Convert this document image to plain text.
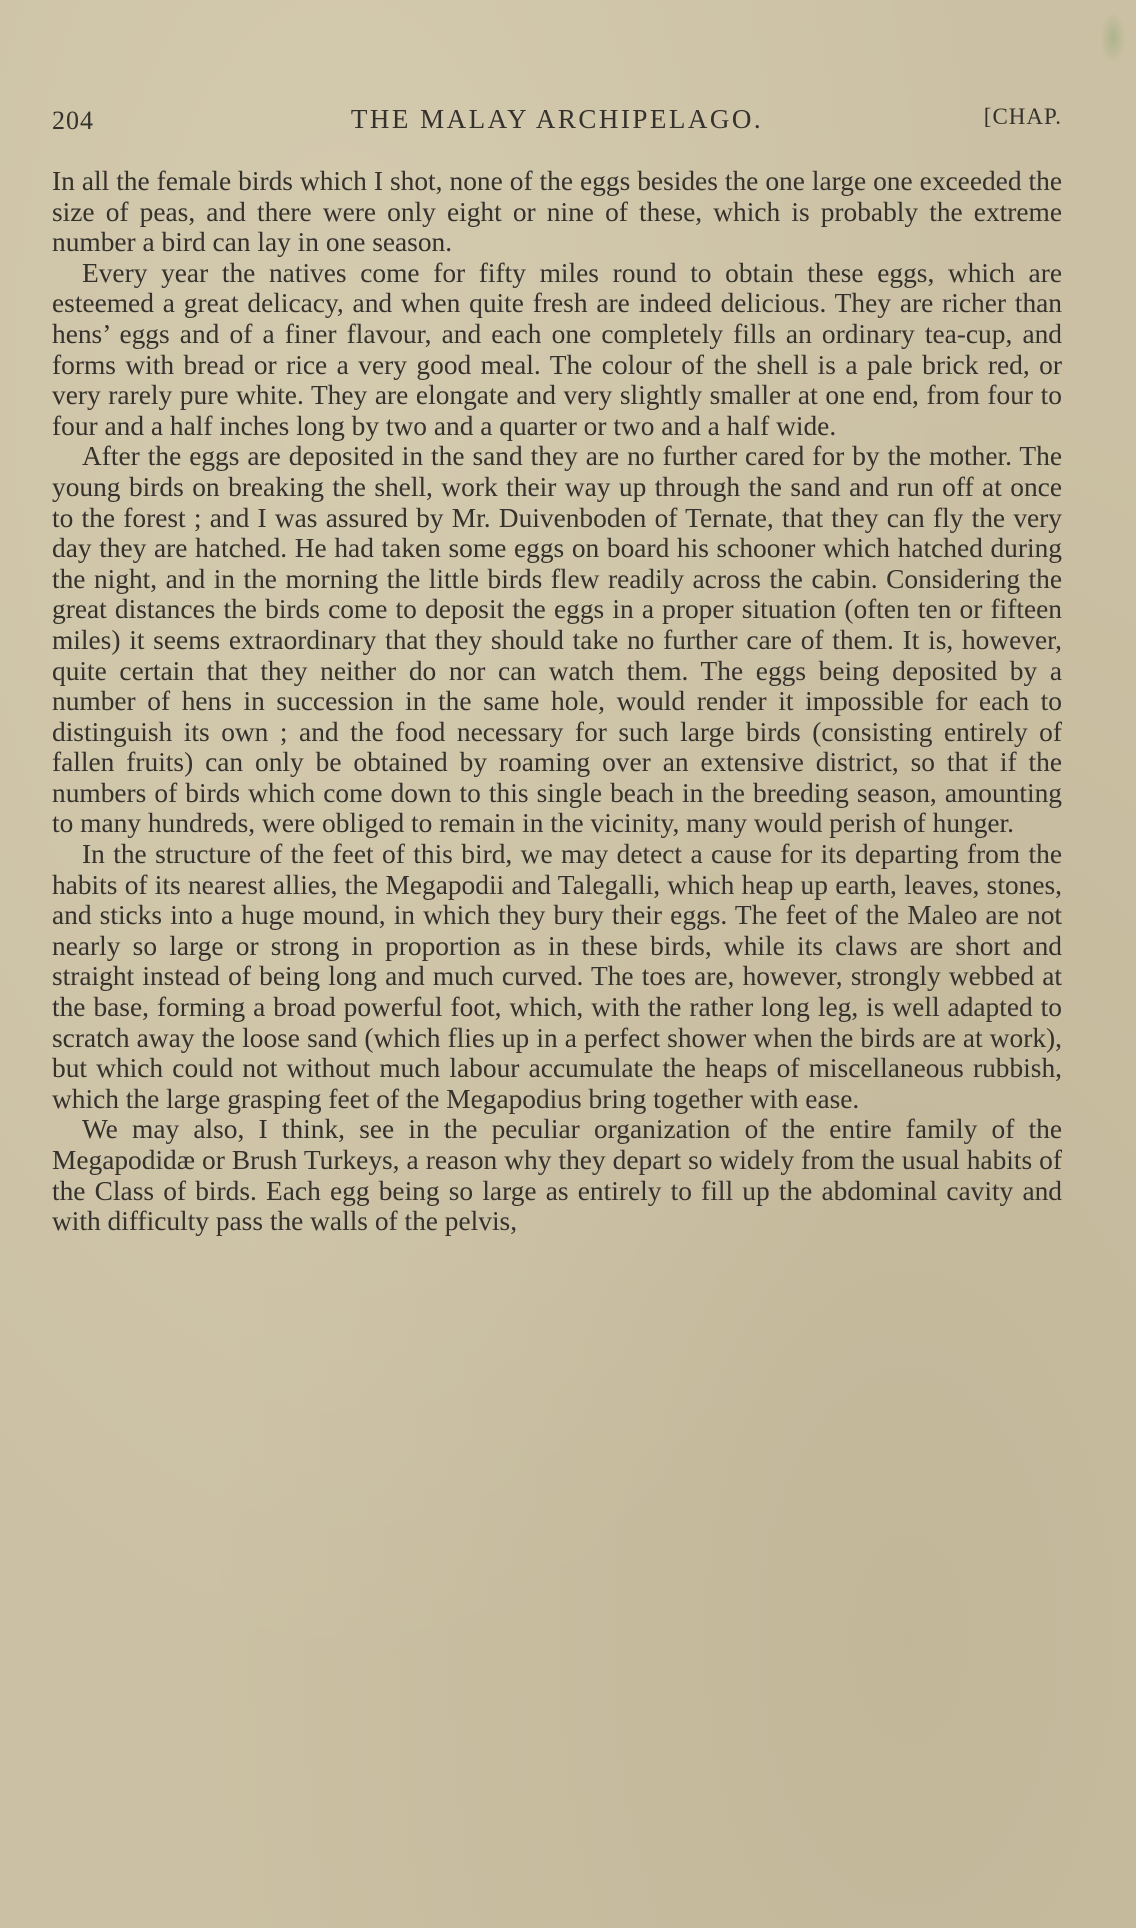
204	THE MALAY ARCHIPELAGO.	[CHAP.

In all the female birds which I shot, none of the eggs besides the one large one exceeded the size of peas, and there were only eight or nine of these, which is probably the extreme number a bird can lay in one season.

Every year the natives come for fifty miles round to obtain these eggs, which are esteemed a great delicacy, and when quite fresh are indeed delicious. They are richer than hens’ eggs and of a finer flavour, and each one completely fills an ordinary tea-cup, and forms with bread or rice a very good meal. The colour of the shell is a pale brick red, or very rarely pure white. They are elongate and very slightly smaller at one end, from four to four and a half inches long by two and a quarter or two and a half wide.

After the eggs are deposited in the sand they are no further cared for by the mother. The young birds on breaking the shell, work their way up through the sand and run off at once to the forest ; and I was assured by Mr. Duivenboden of Ternate, that they can fly the very day they are hatched. He had taken some eggs on board his schooner which hatched during the night, and in the morning the little birds flew readily across the cabin. Considering the great distances the birds come to deposit the eggs in a proper situation (often ten or fifteen miles) it seems extraordinary that they should take no further care of them. It is, however, quite certain that they neither do nor can watch them. The eggs being deposited by a number of hens in succession in the same hole, would render it impossible for each to distinguish its own ; and the food necessary for such large birds (consisting entirely of fallen fruits) can only be obtained by roaming over an extensive district, so that if the numbers of birds which come down to this single beach in the breeding season, amounting to many hundreds, were obliged to remain in the vicinity, many would perish of hunger.

In the structure of the feet of this bird, we may detect a cause for its departing from the habits of its nearest allies, the Megapodii and Talegalli, which heap up earth, leaves, stones, and sticks into a huge mound, in which they bury their eggs. The feet of the Maleo are not nearly so large or strong in proportion as in these birds, while its claws are short and straight instead of being long and much curved. The toes are, however, strongly webbed at the base, forming a broad powerful foot, which, with the rather long leg, is well adapted to scratch away the loose sand (which flies up in a perfect shower when the birds are at work), but which could not without much labour accumulate the heaps of miscellaneous rubbish, which the large grasping feet of the Megapodius bring together with ease.

We may also, I think, see in the peculiar organization of the entire family of the Megapodidæ or Brush Turkeys, a reason why they depart so widely from the usual habits of the Class of birds. Each egg being so large as entirely to fill up the abdominal cavity and with difficulty pass the walls of the pelvis,
